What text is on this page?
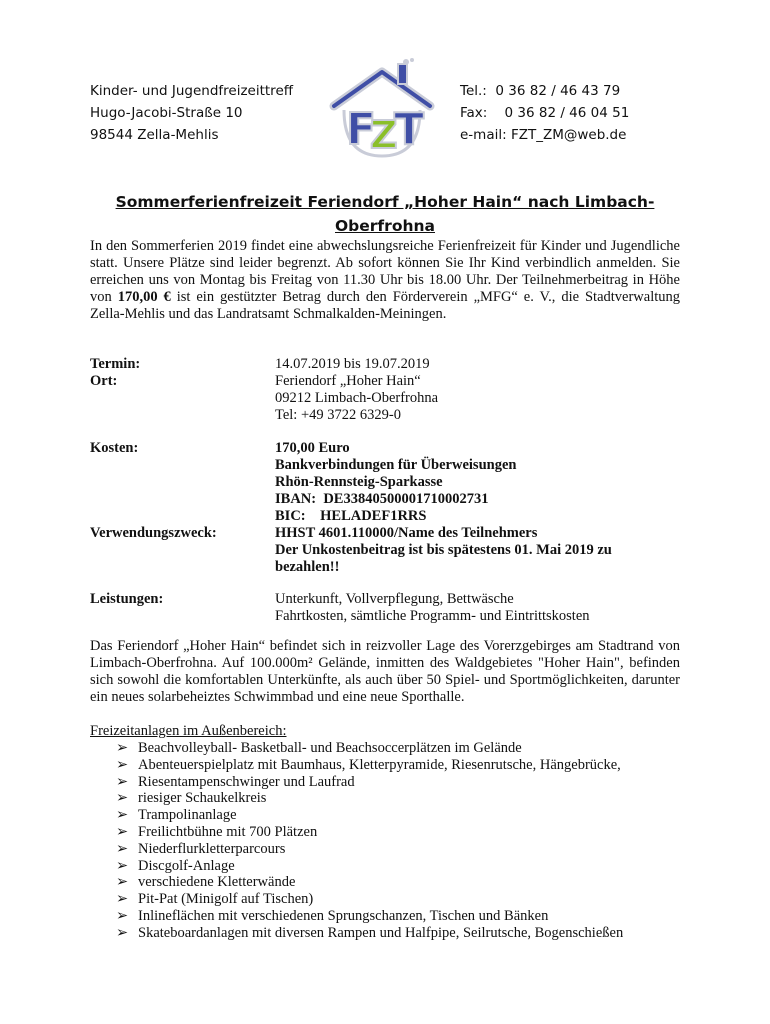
Kinder- und Jugendfreizeittreff
Hugo-Jacobi-Straße 10
98544 Zella-Mehlis	F
Z
T
Tel.:  0 36 82 / 46 43 79
Fax:    0 36 82 / 46 04 51
e-mail: FZT_ZM@web.de
Sommerferienfreizeit Feriendorf „Hoher Hain“ nach Limbach-
Oberfrohna
In den Sommerferien 2019 findet eine abwechslungsreiche Ferienfreizeit für Kinder und Jugendliche statt. Unsere Plätze sind leider begrenzt. Ab sofort können Sie Ihr Kind verbindlich anmelden. Sie erreichen uns von Montag bis Freitag von 11.30 Uhr bis 18.00 Uhr. Der Teilnehmerbeitrag in Höhe von 170,00 € ist ein gestützter Betrag durch den Förderverein „MFG“ e. V., die Stadtverwaltung Zella-Mehlis und das Landratsamt Schmalkalden-Meiningen.
Termin:	14.07.2019 bis 19.07.2019
Ort:	Feriendorf „Hoher Hain“
09212 Limbach-Oberfrohna
Tel: +49 3722 6329-0
Kosten:	170,00 Euro
Bankverbindungen für Überweisungen
Rhön-Rennsteig-Sparkasse
IBAN:  DE33840500001710002731
BIC:    HELADEF1RRS
Verwendungszweck:	HHST 4601.110000/Name des Teilnehmers
Der Unkostenbeitrag ist bis spätestens 01. Mai 2019 zu
bezahlen!!
Leistungen:	Unterkunft, Vollverpflegung, Bettwäsche
Fahrtkosten, sämtliche Programm- und Eintrittskosten
Das Feriendorf „Hoher Hain“ befindet sich in reizvoller Lage des Vorerzgebirges am Stadtrand von Limbach-Oberfrohna. Auf 100.000m² Gelände, inmitten des Waldgebietes "Hoher Hain", befinden sich sowohl die komfortablen Unterkünfte, als auch über 50 Spiel- und Sportmöglichkeiten, darunter ein neues solarbeheiztes Schwimmbad und eine neue Sporthalle.
Freizeitanlagen im Außenbereich:
➢ Beachvolleyball- Basketball- und Beachsoccerplätzen im Gelände
➢ Abenteuerspielplatz mit Baumhaus, Kletterpyramide, Riesenrutsche, Hängebrücke,
➢ Riesentampenschwinger und Laufrad
➢ riesiger Schaukelkreis
➢ Trampolinanlage
➢ Freilichtbühne mit 700 Plätzen
➢ Niederflurkletterparcours
➢ Discgolf-Anlage
➢ verschiedene Kletterwände
➢ Pit-Pat (Minigolf auf Tischen)
➢ Inlineflächen mit verschiedenen Sprungschanzen, Tischen und Bänken
➢ Skateboardanlagen mit diversen Rampen und Halfpipe, Seilrutsche, Bogenschießen
